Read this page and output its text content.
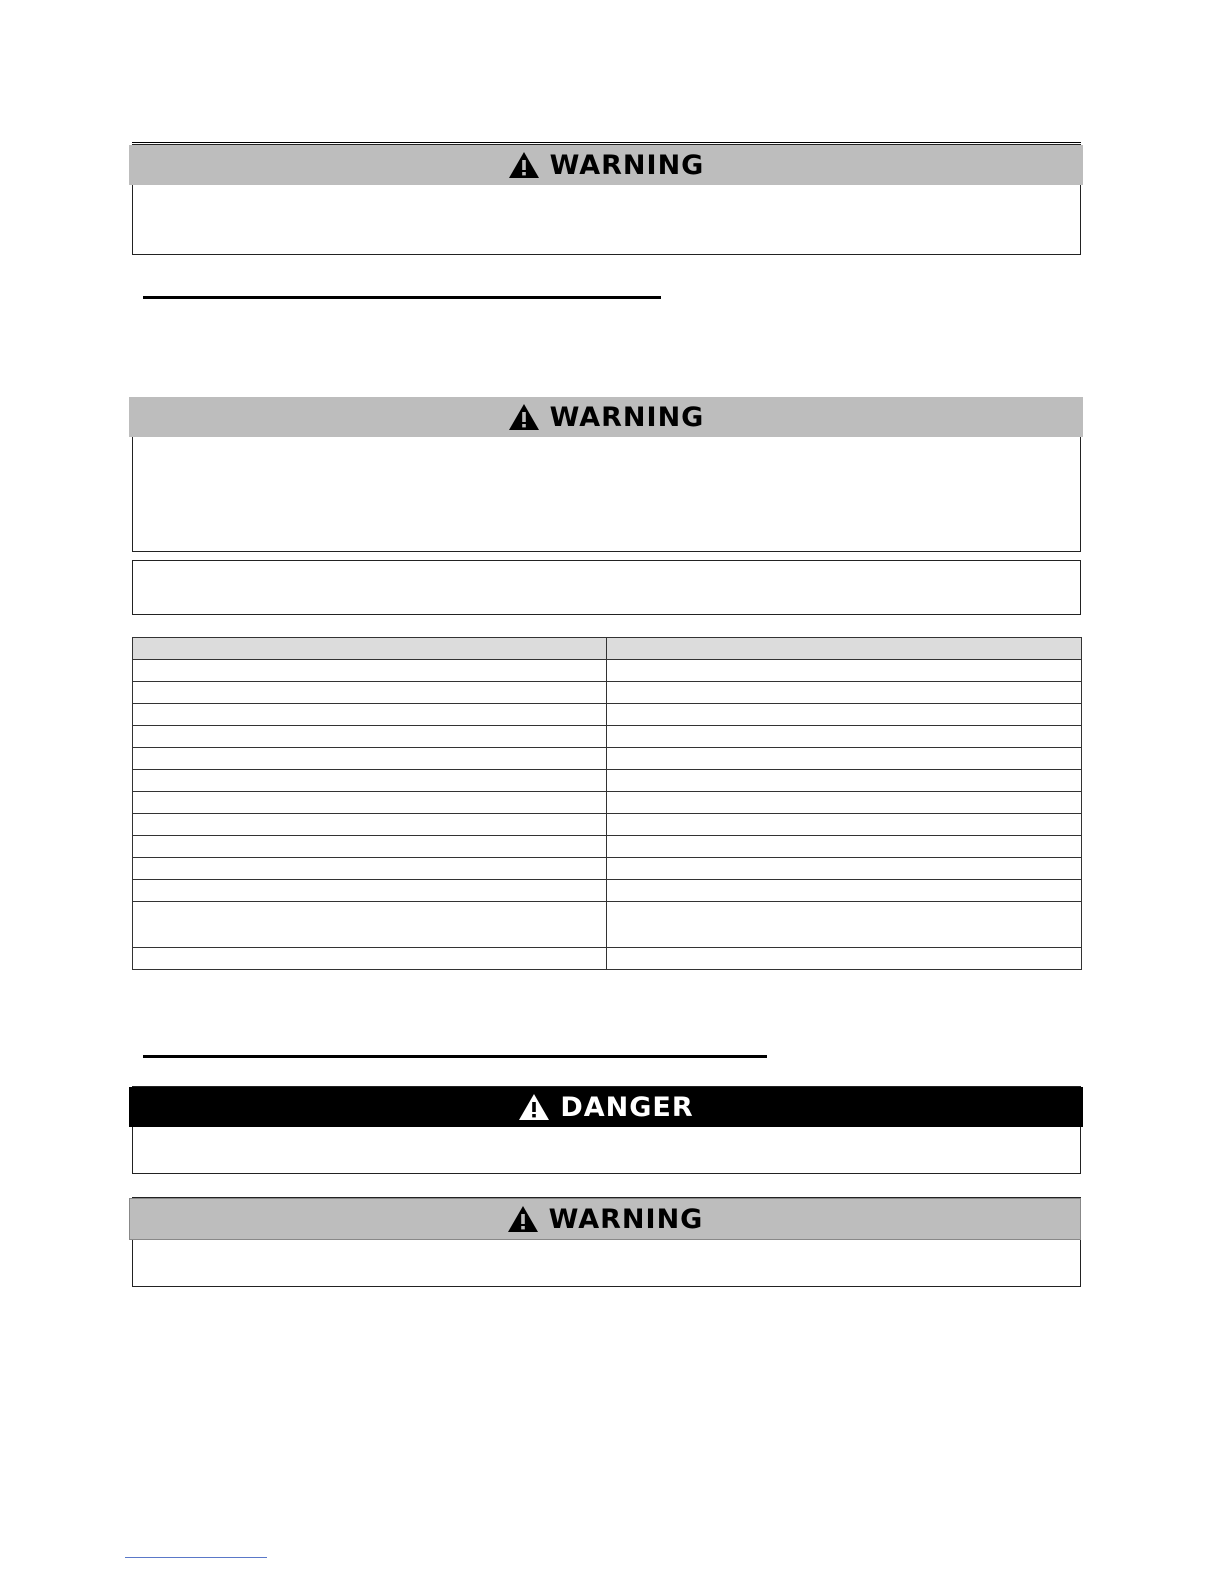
WARNING
WARNING

DANGER
WARNING
